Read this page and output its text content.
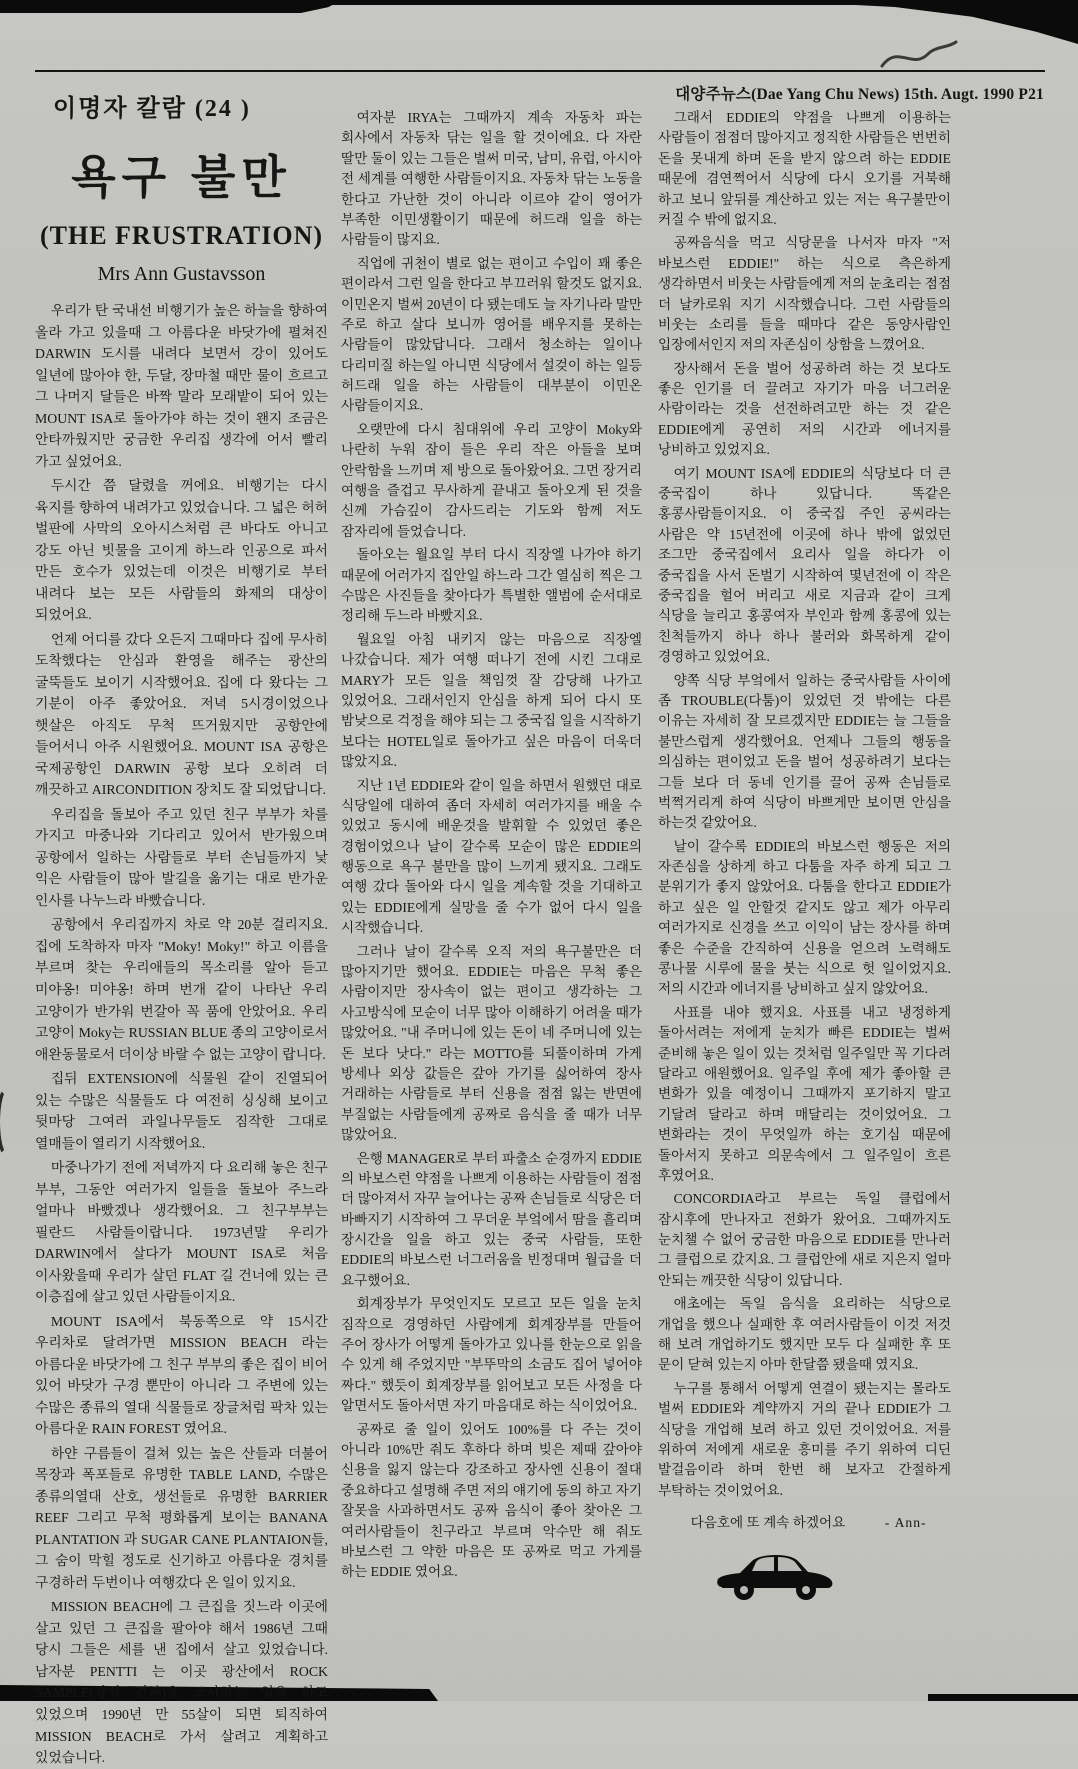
대양주뉴스(Dae Yang Chu News) 15th. Augt. 1990 P21
이명자 칼람 (24 )
욕구 불만
(THE FRUSTRATION)
Mrs Ann Gustavsson

우리가 탄 국내선 비행기가 높은 하늘을 향하여 올라 가고 있을때 그 아름다운 바닷가에 펼쳐진 DARWIN 도시를 내려다 보면서 강이 있어도 일년에 많아야 한, 두달, 장마철 때만 물이 흐르고 그 나머지 달들은 바짝 말라 모래밭이 되어 있는 MOUNT ISA로 돌아가야 하는 것이 왠지 조금은 안타까웠지만 궁금한 우리집 생각에 어서 빨리 가고 싶었어요.

두시간 쯤 달렸을 꺼에요. 비행기는 다시 육지를 향하여 내려가고 있었습니다. 그 넓은 허허 벌판에 사막의 오아시스처럼 큰 바다도 아니고 강도 아닌 빗물을 고이게 하느라 인공으로 파서 만든 호수가 있었는데 이것은 비행기로 부터 내려다 보는 모든 사람들의 화제의 대상이 되었어요.

언제 어디를 갔다 오든지 그때마다 집에 무사히 도착했다는 안심과 환영을 해주는 광산의 굴뚝들도 보이기 시작했어요. 집에 다 왔다는 그 기분이 아주 좋았어요. 저녁 5시경이었으나 햇살은 아직도 무척 뜨거웠지만 공항안에 들어서니 아주 시원했어요. MOUNT ISA 공항은 국제공항인 DARWIN 공항 보다 오히려 더 깨끗하고 AIRCONDITION 장치도 잘 되었답니다.

우리집을 돌보아 주고 있던 친구 부부가 차를 가지고 마중나와 기다리고 있어서 반가웠으며 공항에서 일하는 사람들로 부터 손님들까지 낯 익은 사람들이 많아 발길을 옮기는 대로 반가운 인사를 나누느라 바빴습니다.

공항에서 우리집까지 차로 약 20분 걸리지요. 집에 도착하자 마자 "Moky! Moky!" 하고 이름을 부르며 찾는 우리애들의 목소리를 알아 듣고 미야옹! 미야옹! 하며 번개 같이 나타난 우리 고양이가 반가워 번갈아 꼭 품에 안았어요. 우리 고양이 Moky는 RUSSIAN BLUE 종의 고양이로서 애완동물로서 더이상 바랄 수 없는 고양이 랍니다.

집뒤 EXTENSION에 식물원 같이 진열되어 있는 수많은 식물들도 다 여전히 싱싱해 보이고 뒷마당 그여러 과일나무들도 짐작한 그대로 열매들이 열리기 시작했어요.

마중나가기 전에 저녁까지 다 요리해 놓은 친구 부부, 그동안 여러가지 일들을 돌보아 주느라 얼마나 바빴겠나 생각했어요. 그 친구부부는 필란드 사람들이랍니다. 1973년말 우리가 DARWIN에서 살다가 MOUNT ISA로 처음 이사왔을때 우리가 살던 FLAT 길 건너에 있는 큰 이층집에 살고 있던 사람들이지요.

MOUNT ISA에서 북동쪽으로 약 15시간 우리차로 달려가면 MISSION BEACH 라는 아름다운 바닷가에 그 친구 부부의 좋은 집이 비어 있어 바닷가 구경 뿐만이 아니라 그 주변에 있는 수많은 종류의 열대 식물들로 장글처럼 팍차 있는 아름다운 RAIN FOREST 였어요.

하얀 구름들이 걸쳐 있는 높은 산들과 더불어 목장과 폭포들로 유명한 TABLE LAND, 수많은 종류의열대 산호, 생선들로 유명한 BARRIER REEF 그리고 무척 평화롭게 보이는 BANANA PLANTATION 과 SUGAR CANE PLANTAION들, 그 숨이 막힐 정도로 신기하고 아름다운 경치를 구경하러 두번이나 여행갔다 온 일이 있지요.

MISSION BEACH에 그 큰집을 짓느라 이곳에 살고 있던 그 큰집을 팔아야 해서 1986년 그때 당시 그들은 세를 낸 집에서 살고 있었습니다. 남자분 PENTTI 는 이곳 광산에서 ROCK SAMPLE(광석 견본)을 조사하는 일을 하고 있었으며 1990년 만 55살이 되면 퇴직하여 MISSION BEACH로 가서 살려고 계획하고 있었습니다.

여자분 IRYA는 그때까지 계속 자동차 파는 회사에서 자동차 닦는 일을 할 것이에요. 다 자란 딸만 둘이 있는 그들은 벌써 미국, 남미, 유럽, 아시아 전 세계를 여행한 사람들이지요. 자동차 닦는 노동을 한다고 가난한 것이 아니라 이르야 같이 영어가 부족한 이민생활이기 때문에 허드래 일을 하는 사람들이 많지요.

직업에 귀천이 별로 없는 편이고 수입이 꽤 좋은 편이라서 그런 일을 한다고 부끄러워 할것도 없지요. 이민온지 벌써 20년이 다 됐는데도 늘 자기나라 말만 주로 하고 살다 보니까 영어를 배우지를 못하는 사람들이 많았답니다. 그래서 청소하는 일이나 다리미질 하는일 아니면 식당에서 설겆이 하는 일등 허드래 일을 하는 사람들이 대부분이 이민온 사람들이지요.

오랫만에 다시 침대위에 우리 고양이 Moky와 나란히 누워 잠이 들은 우리 작은 아들을 보며 안락함을 느끼며 제 방으로 돌아왔어요. 그먼 장거리 여행을 즐겁고 무사하게 끝내고 돌아오게 된 것을 신께 가슴깊이 감사드리는 기도와 함께 저도 잠자리에 들었습니다.

돌아오는 월요일 부터 다시 직장엘 나가야 하기 때문에 어러가지 집안일 하느라 그간 열심히 찍은 그 수많은 사진들을 찾아다가 특별한 앨범에 순서대로 정리해 두느라 바빴지요.

월요일 아침 내키지 않는 마음으로 직장엘 나갔습니다. 제가 여행 떠나기 전에 시킨 그대로 MARY가 모든 일을 책임껏 잘 감당해 나가고 있었어요. 그래서인지 안심을 하게 되어 다시 또 밤낮으로 걱정을 해야 되는 그 중국집 일을 시작하기 보다는 HOTEL일로 돌아가고 싶은 마음이 더욱더 많았지요.

지난 1년 EDDIE와 같이 일을 하면서 원했던 대로 식당일에 대하여 좀더 자세히 여러가지를 배울 수 있었고 동시에 배운것을 발휘할 수 있었던 좋은 경험이었으나 날이 갈수록 모순이 많은 EDDIE의 행동으로 욕구 불만을 많이 느끼게 됐지요. 그래도 여행 갔다 돌아와 다시 일을 계속할 것을 기대하고 있는 EDDIE에게 실망을 줄 수가 없어 다시 일을 시작했습니다.

그러나 날이 갈수록 오직 저의 욕구불만은 더 많아지기만 했어요. EDDIE는 마음은 무척 좋은 사람이지만 장사속이 없는 편이고 생각하는 그 사고방식에 모순이 너무 많아 이해하기 어려울 때가 많았어요. "내 주머니에 있는 돈이 네 주머니에 있는 돈 보다 낫다." 라는 MOTTO를 되풀이하며 가게 방세나 외상 값들은 갚아 가기를 싫어하여 장사 거래하는 사람들로 부터 신용을 점점 잃는 반면에 부질없는 사람들에게 공짜로 음식을 줄 때가 너무 많았어요.

은행 MANAGER로 부터 파출소 순경까지 EDDIE 의 바보스런 약점을 나쁘게 이용하는 사람들이 점점 더 많아져서 자꾸 늘어나는 공짜 손님들로 식당은 더 바빠지기 시작하여 그 무더운 부엌에서 땀을 흘리며 장시간을 일을 하고 있는 중국 사람들, 또한 EDDIE의 바보스런 너그러움을 빈정대며 월급을 더 요구했어요.

회계장부가 무엇인지도 모르고 모든 일을 눈치 짐작으로 경영하던 사람에게 회계장부를 만들어 주어 장사가 어떻게 돌아가고 있나를 한눈으로 읽을 수 있게 해 주었지만 "부뚜막의 소금도 집어 넣어야 짜다." 했듯이 회계장부를 읽어보고 모든 사정을 다 알면서도 돌아서면 자기 마음대로 하는 식이었어요.

공짜로 줄 일이 있어도 100%를 다 주는 것이 아니라 10%만 줘도 후하다 하며 빚은 제때 갚아야 신용을 잃지 않는다 강조하고 장사엔 신용이 절대 중요하다고 설명해 주면 저의 얘기에 동의 하고 자기 잘못을 사과하면서도 공짜 음식이 좋아 찾아온 그 여러사람들이 친구라고 부르며 악수만 해 줘도 바보스런 그 약한 마음은 또 공짜로 먹고 가게를 하는 EDDIE 였어요.

그래서 EDDIE의 약점을 나쁘게 이용하는 사람들이 점점더 많아지고 정직한 사람들은 번번히 돈을 못내게 하며 돈을 받지 않으려 하는 EDDIE 때문에 겸연쩍어서 식당에 다시 오기를 거북해 하고 보니 앞뒤를 계산하고 있는 저는 욕구불만이 커질 수 밖에 없지요.

공짜음식을 먹고 식당문을 나서자 마자 "저 바보스런 EDDIE!" 하는 식으로 측은하게 생각하면서 비웃는 사람들에게 저의 눈초리는 점점 더 날카로워 지기 시작했습니다. 그런 사람들의 비웃는 소리를 들을 때마다 같은 동양사람인 입장에서인지 저의 자존심이 상함을 느꼈어요.

장사해서 돈을 벌어 성공하려 하는 것 보다도 좋은 인기를 더 끌려고 자기가 마음 너그러운 사람이라는 것을 선전하려고만 하는 것 같은 EDDIE에게 공연히 저의 시간과 에너지를 낭비하고 있었지요.

여기 MOUNT ISA에 EDDIE의 식당보다 더 큰 중국집이 하나 있답니다. 똑같은 홍콩사람들이지요. 이 중국집 주인 공씨라는 사람은 약 15년전에 이곳에 하나 밖에 없었던 조그만 중국집에서 요리사 일을 하다가 이 중국집을 사서 돈벌기 시작하여 몇년전에 이 작은 중국집을 헐어 버리고 새로 지금과 같이 크게 식당을 늘리고 홍콩여자 부인과 함께 홍콩에 있는 친척들까지 하나 하나 불러와 화목하게 같이 경영하고 있었어요.

양쪽 식당 부엌에서 일하는 중국사람들 사이에 좀 TROUBLE(다툼)이 있었던 것 밖에는 다른 이유는 자세히 잘 모르겠지만 EDDIE는 늘 그들을 불만스럽게 생각했어요. 언제나 그들의 행동을 의심하는 편이었고 돈을 벌어 성공하려기 보다는 그들 보다 더 동네 인기를 끌어 공짜 손님들로 벅쩍거리게 하여 식당이 바쁘게만 보이면 안심을 하는것 같았어요.

날이 갈수록 EDDIE의 바보스런 행동은 저의 자존심을 상하게 하고 다툼을 자주 하게 되고 그 분위기가 좋지 않았어요. 다툼을 한다고 EDDIE가 하고 싶은 일 안할것 같지도 않고 제가 아무리 여러가지로 신경을 쓰고 이익이 남는 장사를 하며 좋은 수준을 간직하여 신용을 얻으려 노력해도 콩나물 시루에 물을 붓는 식으로 헛 일이었지요. 저의 시간과 에너지를 낭비하고 싶지 않았어요.

사표를 내야 했지요. 사표를 내고 냉정하게 돌아서려는 저에게 눈치가 빠른 EDDIE는 벌써 준비해 놓은 일이 있는 것처럼 일주일만 꼭 기다려 달라고 애원했어요. 일주일 후에 제가 좋아할 큰 변화가 있을 예정이니 그때까지 포기하지 말고 기달려 달라고 하며 매달리는 것이었어요. 그 변화라는 것이 무엇일까 하는 호기심 때문에 돌아서지 못하고 의문속에서 그 일주일이 흐른 후였어요.

CONCORDIA라고 부르는 독일 클럽에서 잠시후에 만나자고 전화가 왔어요. 그때까지도 눈치챌 수 없어 궁금한 마음으로 EDDIE를 만나러 그 클럽으로 갔지요. 그 클럽안에 새로 지은지 얼마 안되는 깨끗한 식당이 있답니다.

애초에는 독일 음식을 요리하는 식당으로 개업을 했으나 실패한 후 여러사람들이 이것 저것 해 보려 개업하기도 했지만 모두 다 실패한 후 또 문이 닫혀 있는지 아마 한달쯤 됐을때 였지요.

누구를 통해서 어떻게 연결이 됐는지는 몰라도 벌써 EDDIE와 계약까지 거의 끝나 EDDIE가 그 식당을 개업해 보려 하고 있던 것이었어요. 저를 위하여 저에게 새로운 흥미를 주기 위하여 디딘 발걸음이라 하며 한번 해 보자고 간절하게 부탁하는 것이었어요.

다음호에 또 계속 하겠어요	- Ann-
